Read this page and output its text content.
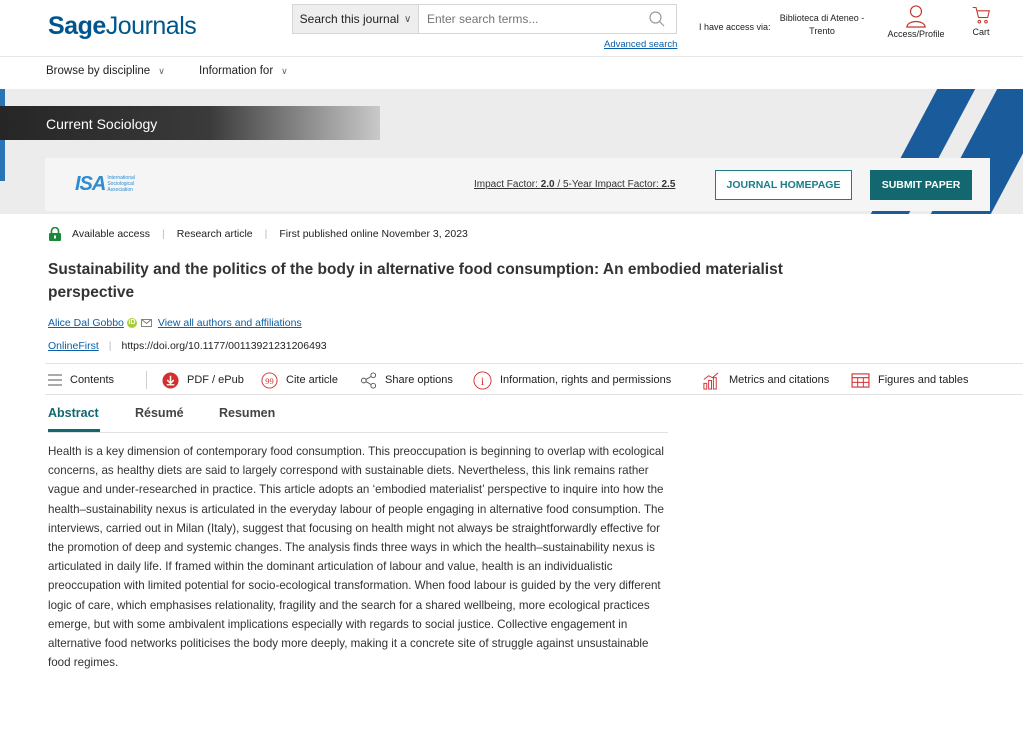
SageJournals	Search this journal ∨
Enter search terms...
Advanced search
I have access via:
Biblioteca di Ateneo - Trento	Access/Profile	Cart
Browse by discipline ∨	Information for ∨
Current Sociology
ISA International Sociological Association	Impact Factor: 2.0 / 5-Year Impact Factor: 2.5	JOURNAL HOMEPAGE	SUBMIT PAPER
Available access | Research article | First published online November 3, 2023
Sustainability and the politics of the body in alternative food consumption: An embodied materialist perspective
Alice Dal Gobbo iD View all authors and affiliations
OnlineFirst | https://doi.org/10.1177/00113921231206493
Contents	PDF / ePub 99 Cite article	Share options i Information, rights and permissions	Metrics and citations	Figures and tables
Abstract	Résumé	Resumen

Health is a key dimension of contemporary food consumption. This preoccupation is beginning to overlap with ecological concerns, as healthy diets are said to largely correspond with sustainable diets. Nevertheless, this link remains rather vague and under-researched in practice. This article adopts an ‘embodied materialist’ perspective to inquire into how the health–sustainability nexus is articulated in the everyday labour of people engaging in alternative food consumption. The interviews, carried out in Milan (Italy), suggest that focusing on health might not always be straightforwardly effective for the promotion of deep and systemic changes. The analysis finds three ways in which the health–sustainability nexus is articulated in daily life. If framed within the dominant articulation of labour and value, health is an individualistic preoccupation with limited potential for socio-ecological transformation. When food labour is guided by the very different logic of care, which emphasises relationality, fragility and the search for a shared wellbeing, more ecological practices emerge, but with some ambivalent implications especially with regards to social justice. Collective engagement in alternative food networks politicises the body more deeply, making it a concrete site of struggle against unsustainable food regimes.
